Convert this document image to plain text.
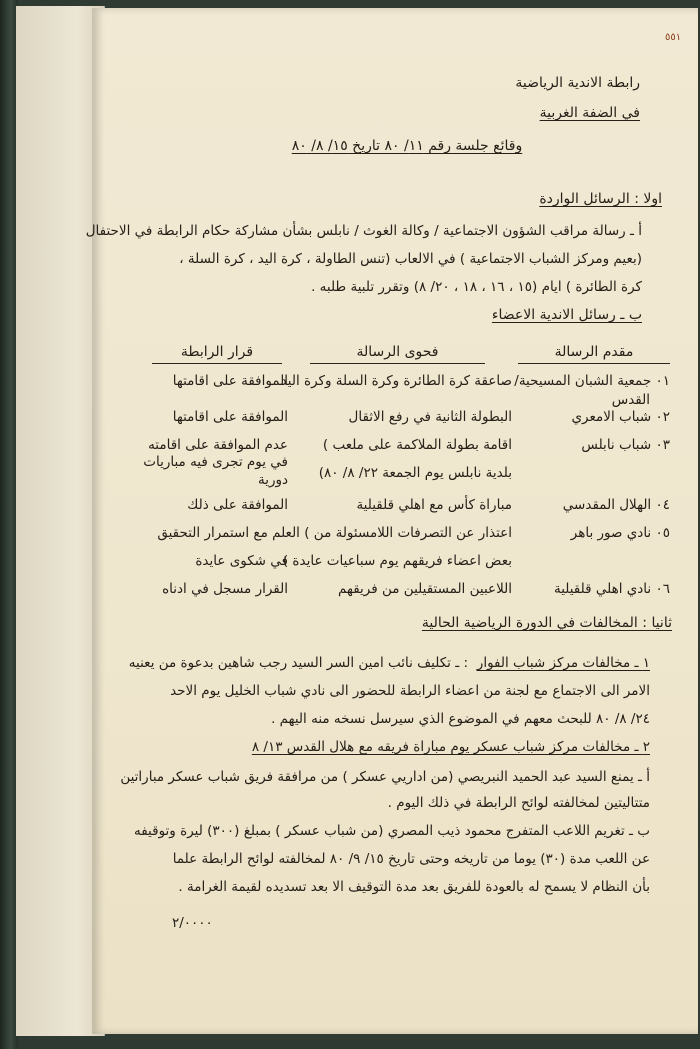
٥٥١
رابطة الاندية الرياضية
في الضفة الغربية
وقائع جلسة رقم ١١/ ٨٠ تاريخ ١٥/ ٨/ ٨٠
اولا : الرسائل الواردة
أ ـ رسالة مراقب الشؤون الاجتماعية / وكالة الغوث / نابلس بشأن مشاركة حكام الرابطة في الاحتفال
(بعيم ومركز الشباب الاجتماعية ) في الالعاب (تنس الطاولة ، كرة اليد ، كرة السلة ،
كرة الطائرة ) ايام (١٥ ، ١٦ ، ١٨ ، ٢٠/ ٨) وتقرر تلبية طلبه .
ب ـ رسائل الاندية الاعضاء
مقدم الرسالة
فحوى الرسالة
قرار الرابطة
٠١ جمعية الشبان المسيحية/
صاعقة كرة الطائرة وكرة السلة وكرة اليد
الموافقة على اقامتها
القدس
٠٢ شباب الامعري
البطولة الثانية في رفع الاثقال
الموافقة على اقامتها
٠٣ شباب نابلس
اقامة بطولة الملاكمة على ملعب )
عدم الموافقة على اقامته
في يوم تجرى فيه مباريات
بلدية نابلس يوم الجمعة ٢٢/ ٨/ ٨٠)
دورية
٠٤ الهلال المقدسي
مباراة كأس مع اهلي قلقيلية
الموافقة على ذلك
٠٥ نادي صور باهر
اعتذار عن التصرفات اللامسئولة من ) العلم مع استمرار التحقيق
بعض اعضاء فريقهم يوم سباعيات عايدة )
في شكوى عايدة
٠٦ نادي اهلي قلقيلية
اللاعبين المستقيلين من فريقهم
القرار مسجل في ادناه
ثانيا : المخالفات في الدورة الرياضية الحالية
١ ـ مخالفات مركز شباب الفوار
: ـ تكليف نائب امين السر السيد رجب شاهين بدعوة من يعنيه
الامر الى الاجتماع مع لجنة من اعضاء الرابطة للحضور الى نادي شباب الخليل يوم الاحد
٢٤/ ٨/ ٨٠ للبحث معهم في الموضوع الذي سيرسل نسخه منه اليهم .
٢ ـ مخالفات مركز شباب عسكر يوم مباراة فريقه مع هلال القدس ١٣/ ٨
أ ـ يمنع السيد عبد الحميد النبريصي (من اداريي عسكر ) من مرافقة فريق شباب عسكر مباراتين
متتاليتين لمخالفته لوائح الرابطة في ذلك اليوم .
ب ـ تغريم اللاعب المتفرج محمود ذيب المصري (من شباب عسكر ) بمبلغ (٣٠٠) ليرة وتوقيفه
عن اللعب مدة (٣٠) يوما من تاريخه وحتى تاريخ ١٥/ ٩/ ٨٠ لمخالفته لوائح الرابطة علما
بأن النظام لا يسمح له بالعودة للفريق بعد مدة التوقيف الا بعد تسديده لقيمة الغرامة .
٢/٠٠٠٠
